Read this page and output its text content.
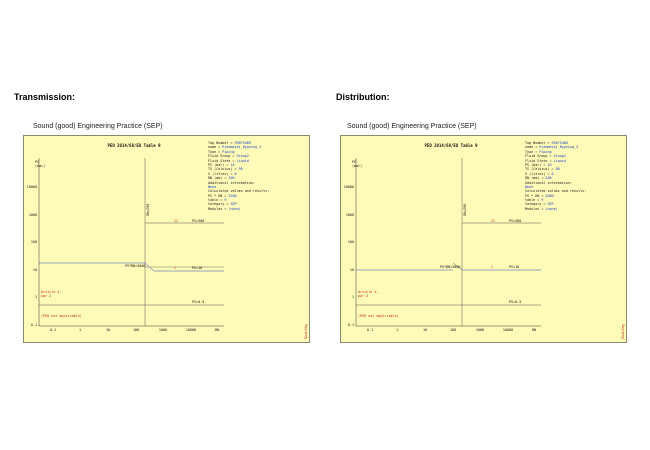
Transmission:
Sound (good) Engineering Practice (SEP)
PED 2014/68/EU Table 9
PS
(bar)
10000
1000
100
10
1
0.1
0.1	1	10	100	1000	10000	DN
DN=200
II	PS=500
PS*DN=5000	I	PS=10
PS=0.5
Article 4,
par.3
(PED not applicable)
Mobi-Seg
Tag Number = 99075466
name = Hjemmevej_Bygning_3
Type = Piping
Fluid Group = Group2
Fluid State = Liquid
PS (bar) = 16
TS (Celsius) = 90
V (litres) = 0
DN (mm) = 200
Additional information:
None
Calculated values and results:
PS * DN = 3200
table = 9
Category = SEP
Modules = (none)
Distribution:
Sound (good) Engineering Practice (SEP)
PED 2014/68/EU Table 9
PS
(bar)
10000
1000
100
10
1
0.1
0.1	1	10	100	1000	10000	DN
DN=200
II	PS=500
PS*DN=5000	I	PS=10
PS=0.5
Article 4,
par.3
(PED not applicable)
Mobi-Seg
Tag Number = 99075466
name = Hjemmevej_Bygning_3
Type = Piping
Fluid Group = Group2
Fluid State = Liquid
PS (bar) = 10
TS (Celsius) = 80
V (litres) = 0
DN (mm) = 200
Additional information:
None
Calculated values and results:
PS * DN = 2000
table = 9
Category = SEP
Modules = (none)
